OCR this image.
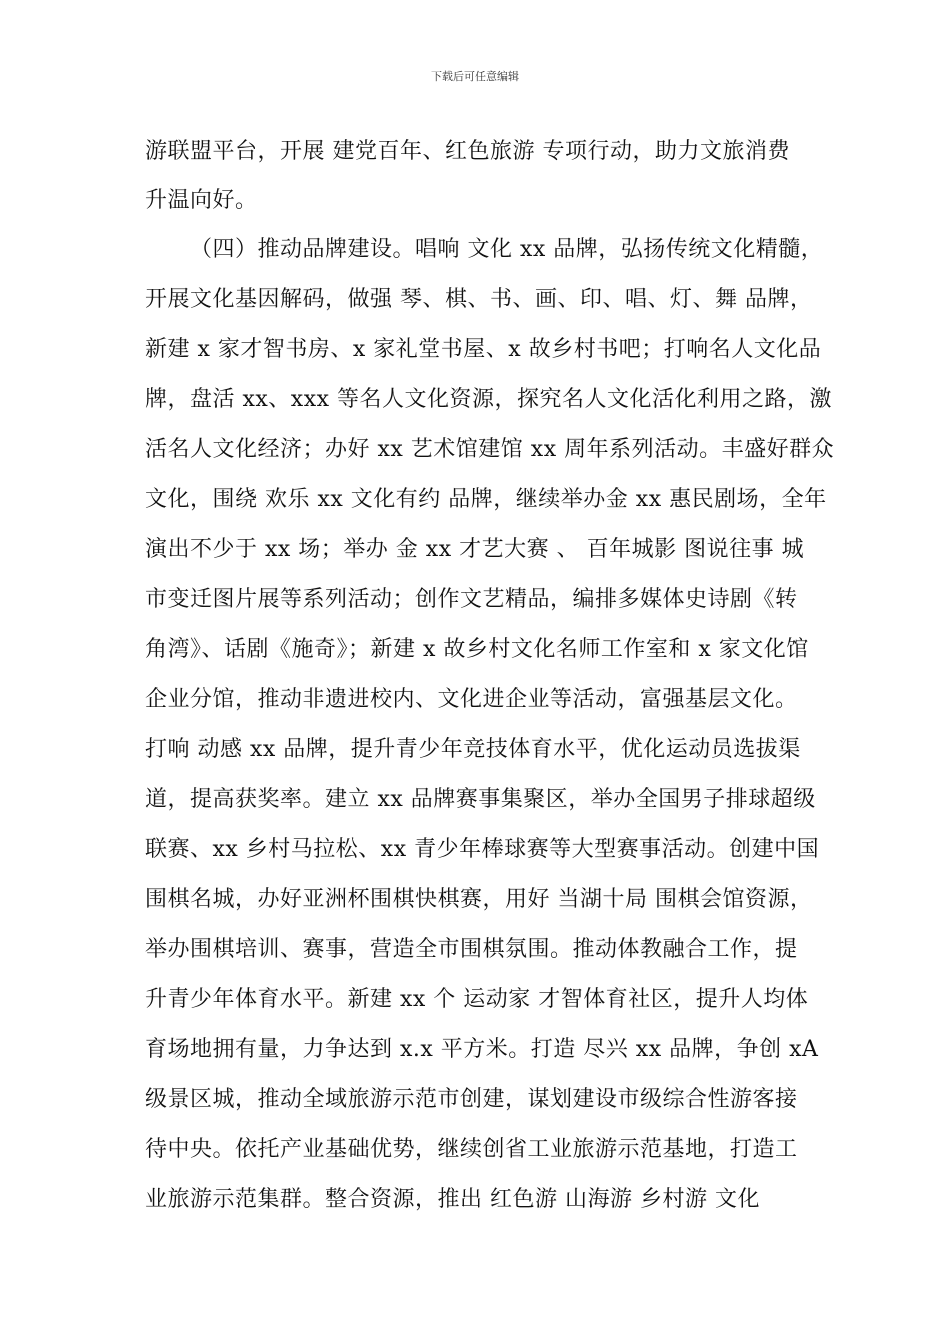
下载后可任意编辑
游联盟平台，开展 建党百年、红色旅游 专项行动，助力文旅消费
升温向好。
（四）推动品牌建设。唱响 文化 xx 品牌，弘扬传统文化精髓，
开展文化基因解码，做强 琴、棋、书、画、印、唱、灯、舞 品牌，
新建 x 家才智书房、x 家礼堂书屋、x 故乡村书吧；打响名人文化品
牌，盘活 xx、xxx 等名人文化资源，探究名人文化活化利用之路，激
活名人文化经济；办好 xx 艺术馆建馆 xx 周年系列活动。丰盛好群众
文化，围绕 欢乐 xx 文化有约 品牌，继续举办金 xx 惠民剧场，全年
演出不少于 xx 场；举办 金 xx 才艺大赛 、 百年城影 图说往事 城
市变迁图片展等系列活动；创作文艺精品，编排多媒体史诗剧《转
角湾》、话剧《施奇》；新建 x 故乡村文化名师工作室和 x 家文化馆
企业分馆，推动非遗进校内、文化进企业等活动，富强基层文化。
打响 动感 xx 品牌，提升青少年竞技体育水平，优化运动员选拔渠
道，提高获奖率。建立 xx 品牌赛事集聚区，举办全国男子排球超级
联赛、xx 乡村马拉松、xx 青少年棒球赛等大型赛事活动。创建中国
围棋名城，办好亚洲杯围棋快棋赛，用好 当湖十局 围棋会馆资源，
举办围棋培训、赛事，营造全市围棋氛围。推动体教融合工作，提
升青少年体育水平。新建 xx 个 运动家 才智体育社区，提升人均体
育场地拥有量，力争达到 x.x 平方米。打造 尽兴 xx 品牌，争创 xA
级景区城，推动全域旅游示范市创建，谋划建设市级综合性游客接
待中央。依托产业基础优势，继续创省工业旅游示范基地，打造工
业旅游示范集群。整合资源，推出 红色游 山海游 乡村游 文化
